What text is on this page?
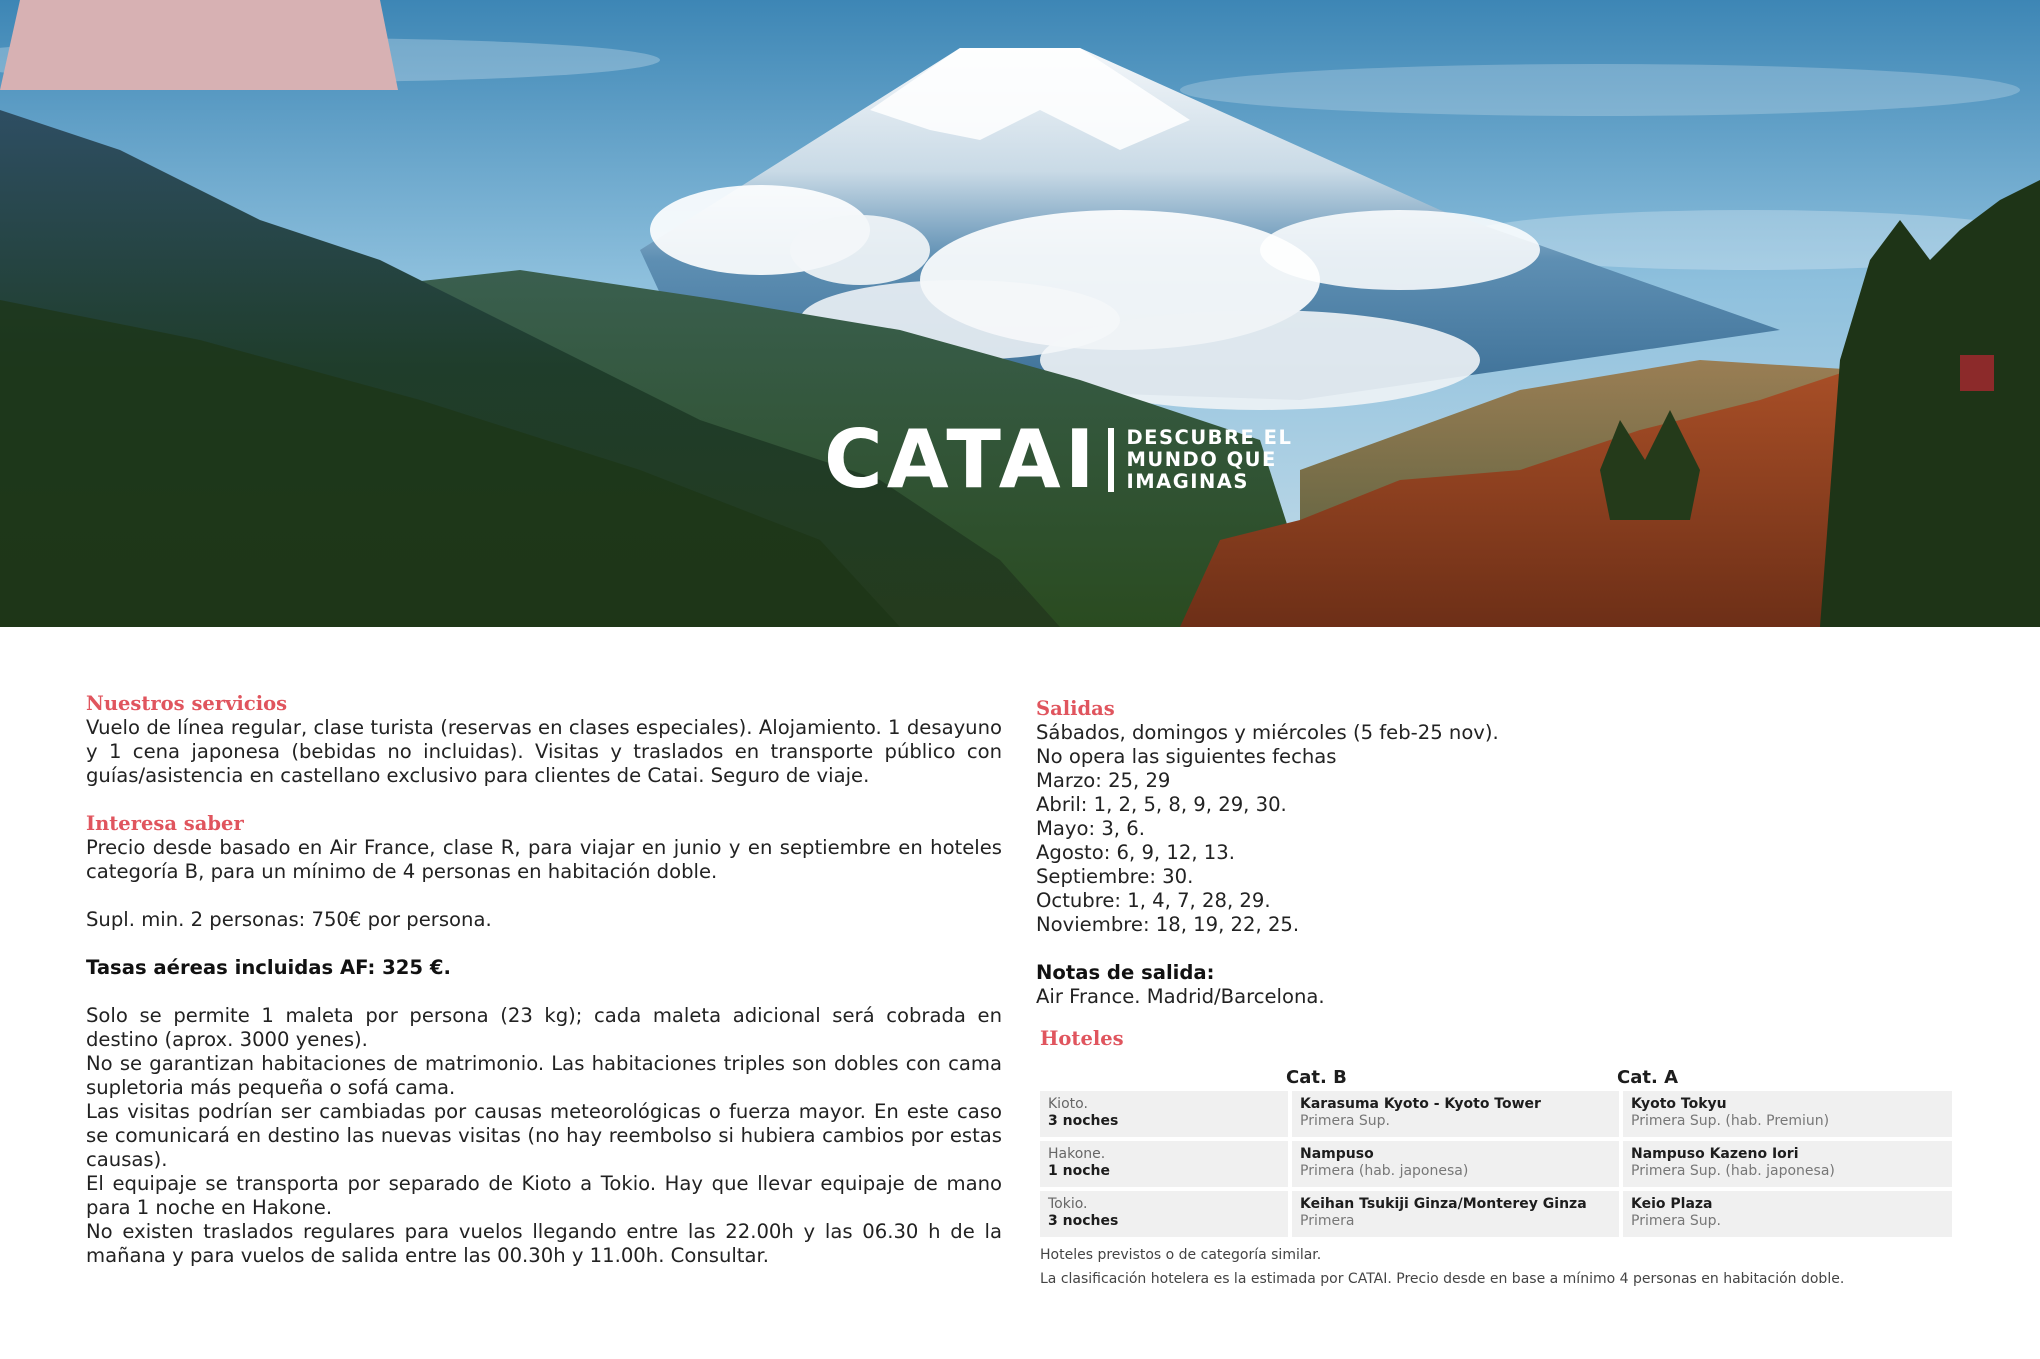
CATAI DESCUBRE EL
MUNDO QUE
IMAGINAS

Nuestros servicios

Vuelo de línea regular, clase turista (reservas en clases especiales). Alojamiento. 1 desayuno y 1 cena japonesa (bebidas no incluidas). Visitas y traslados en transporte público con guías/asistencia en castellano exclusivo para clientes de Catai. Seguro de viaje.

Interesa saber

Precio desde basado en Air France, clase R, para viajar en junio y en septiembre en hoteles categoría B, para un mínimo de 4 personas en habitación doble.

Supl. min. 2 personas: 750€ por persona.

Tasas aéreas incluidas AF: 325 €.

Solo se permite 1 maleta por persona (23 kg); cada maleta adicional será cobrada en destino (aprox. 3000 yenes).

No se garantizan habitaciones de matrimonio. Las habitaciones triples son dobles con cama supletoria más pequeña o sofá cama.

Las visitas podrían ser cambiadas por causas meteorológicas o fuerza mayor. En este caso se comunicará en destino las nuevas visitas (no hay reembolso si hubiera cambios por estas causas).

El equipaje se transporta por separado de Kioto a Tokio. Hay que llevar equipaje de mano para 1 noche en Hakone.

No existen traslados regulares para vuelos llegando entre las 22.00h y las 06.30 h de la mañana y para vuelos de salida entre las 00.30h y 11.00h. Consultar.

Salidas

Sábados, domingos y miércoles (5 feb-25 nov).

No opera las siguientes fechas

Marzo: 25, 29

Abril: 1, 2, 5, 8, 9, 29, 30.

Mayo: 3, 6.

Agosto: 6, 9, 12, 13.

Septiembre: 30.

Octubre: 1, 4, 7, 28, 29.

Noviembre: 18, 19, 22, 25.

Notas de salida:

Air France. Madrid/Barcelona.

Hoteles

Cat. B	Cat. A
Kioto.
3 noches
Karasuma Kyoto - Kyoto Tower
Primera Sup.
Kyoto Tokyu
Primera Sup. (hab. Premiun)
Hakone.
1 noche
Nampuso
Primera (hab. japonesa)
Nampuso Kazeno Iori
Primera Sup. (hab. japonesa)
Tokio.
3 noches
Keihan Tsukiji Ginza/Monterey Ginza
Primera
Keio Plaza
Primera Sup.

Hoteles previstos o de categoría similar.

La clasificación hotelera es la estimada por CATAI. Precio desde en base a mínimo 4 personas en habitación doble.
